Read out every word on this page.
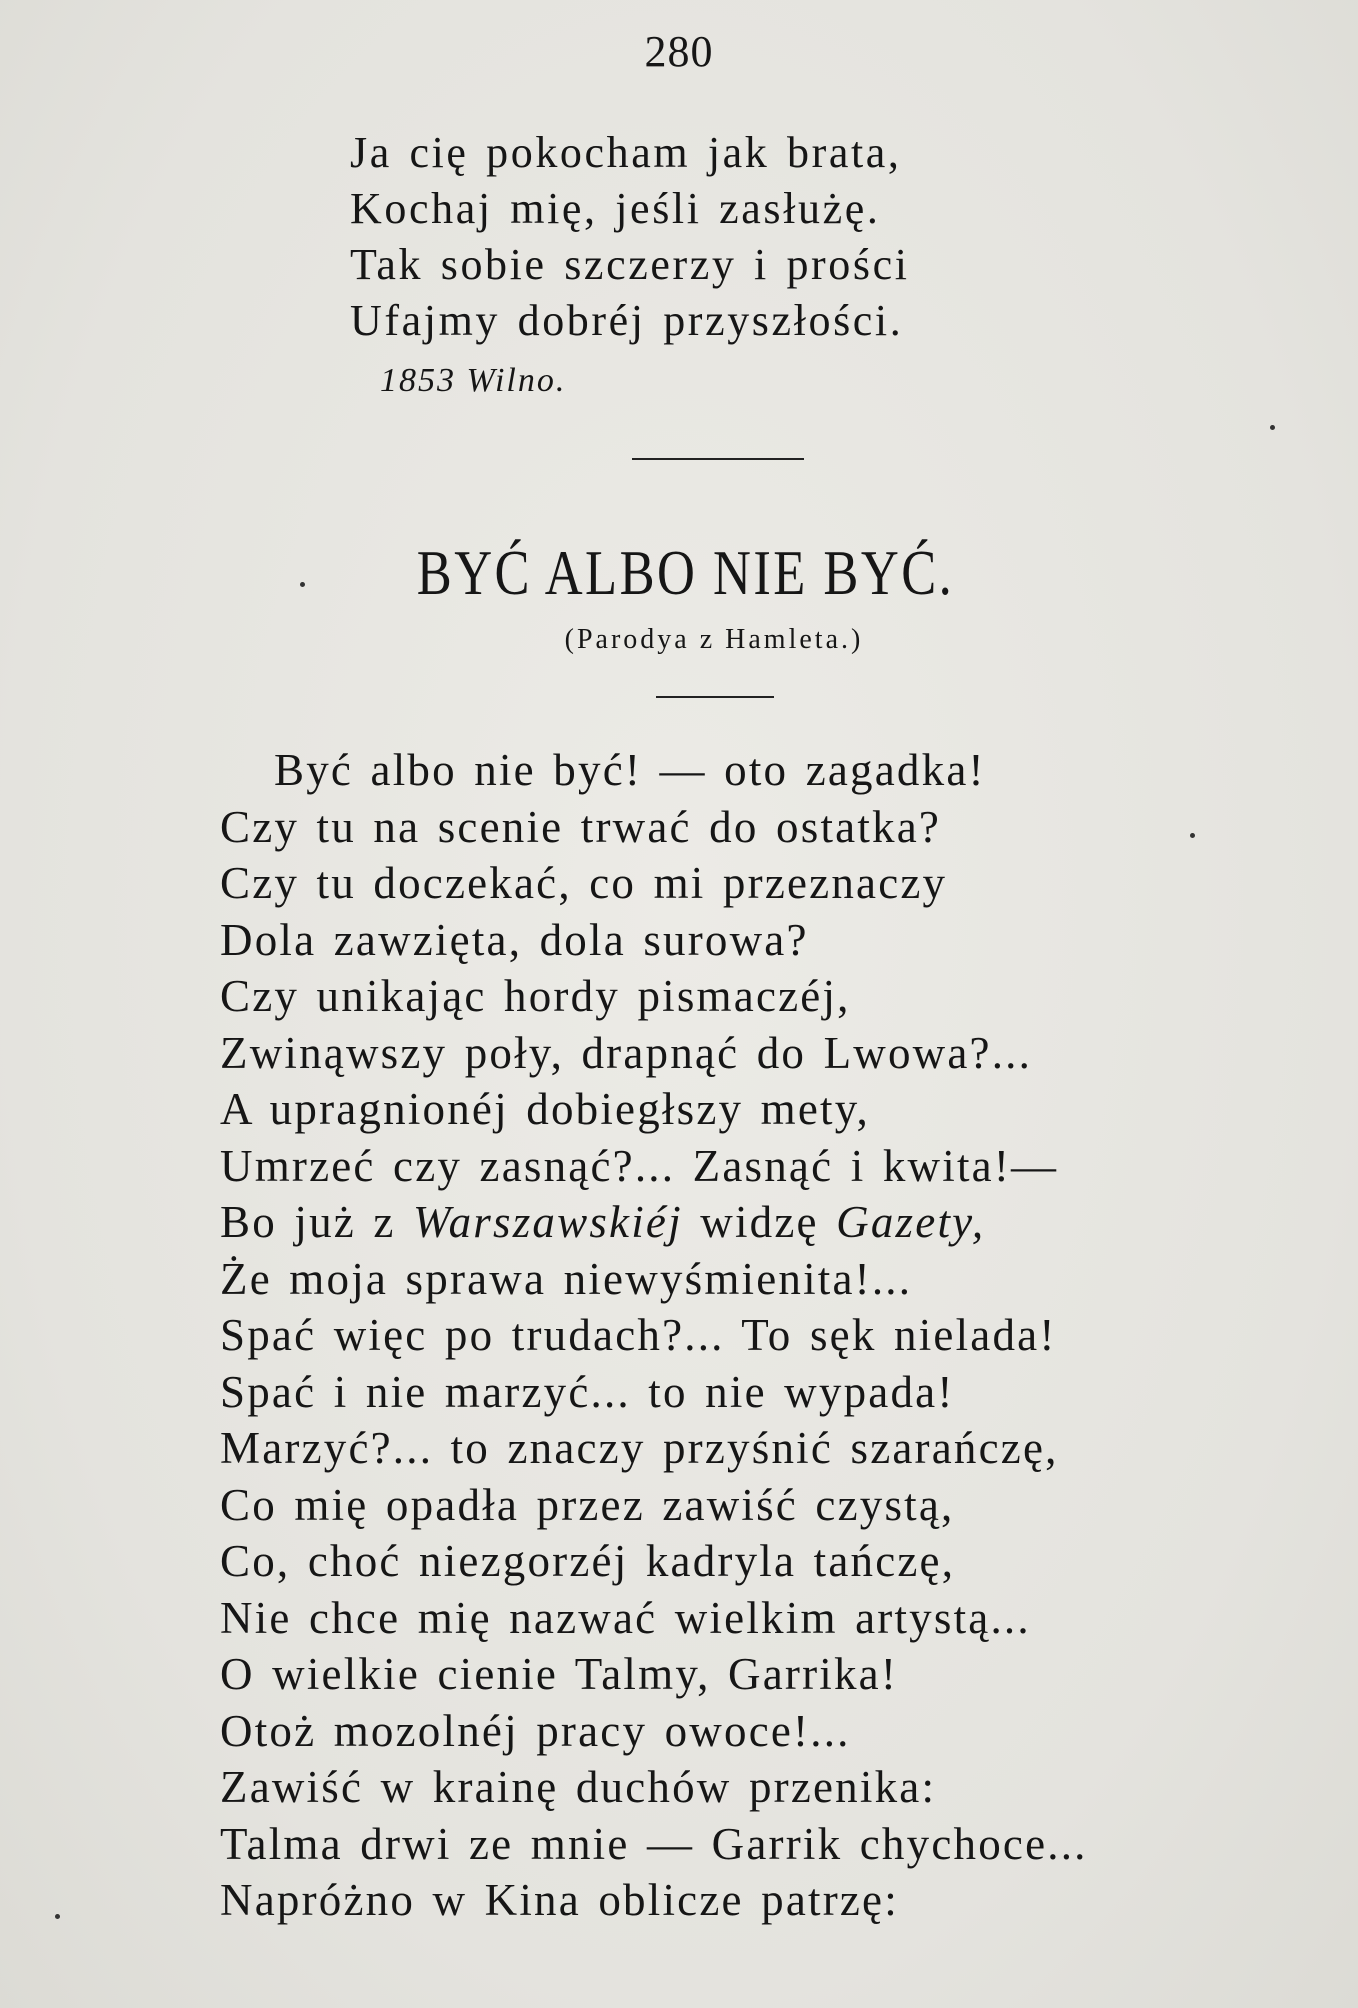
280
Ja cię pokocham jak brata,
Kochaj mię, jeśli zasłużę.
Tak sobie szczerzy i prości
Ufajmy dobréj przyszłości.
1853 Wilno.
BYĆ ALBO NIE BYĆ.
(Parodya z Hamleta.)
Być albo nie być! — oto zagadka!
Czy tu na scenie trwać do ostatka?
Czy tu doczekać, co mi przeznaczy
Dola zawzięta, dola surowa?
Czy unikając hordy pismaczéj,
Zwinąwszy poły, drapnąć do Lwowa?...
A upragnionéj dobiegłszy mety,
Umrzeć czy zasnąć?... Zasnąć i kwita!—
Bo już z Warszawskiéj widzę Gazety,
Że moja sprawa niewyśmienita!...
Spać więc po trudach?... To sęk nielada!
Spać i nie marzyć... to nie wypada!
Marzyć?... to znaczy przyśnić szarańczę,
Co mię opadła przez zawiść czystą,
Co, choć niezgorzéj kadryla tańczę,
Nie chce mię nazwać wielkim artystą...
O wielkie cienie Talmy, Garrika!
Otoż mozolnéj pracy owoce!...
Zawiść w krainę duchów przenika:
Talma drwi ze mnie — Garrik chychoce...
Napróżno w Kina oblicze patrzę:
